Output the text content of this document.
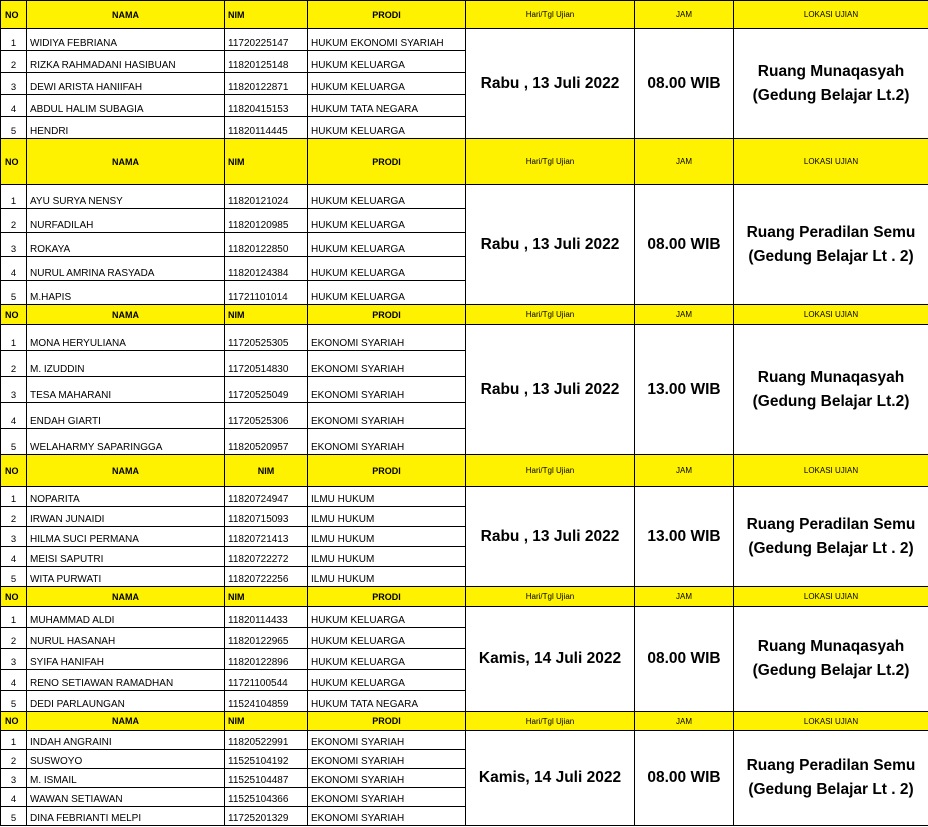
NO	NAMA	NIM	PRODI	Hari/Tgl Ujian	JAM	LOKASI UJIAN
1	WIDIYA FEBRIANA	11720225147	HUKUM EKONOMI SYARIAH	Rabu , 13 Juli 2022	08.00 WIB	Ruang Munaqasyah
(Gedung Belajar Lt.2)

2	RIZKA RAHMADANI HASIBUAN	11820125148	HUKUM KELUARGA			
3	DEWI ARISTA HANIIFAH	11820122871	HUKUM KELUARGA			
4	ABDUL HALIM SUBAGIA	11820415153	HUKUM TATA NEGARA			
5	HENDRI	11820114445	HUKUM KELUARGA			
NO	NAMA	NIM	PRODI	Hari/Tgl Ujian	JAM	LOKASI UJIAN
1	AYU SURYA NENSY	11820121024	HUKUM KELUARGA	Rabu , 13 Juli 2022	08.00 WIB	Ruang Peradilan Semu
(Gedung Belajar Lt . 2)

2	NURFADILAH	11820120985	HUKUM KELUARGA			
3	ROKAYA	11820122850	HUKUM KELUARGA			
4	NURUL AMRINA RASYADA	11820124384	HUKUM KELUARGA			
5	M.HAPIS	11721101014	HUKUM KELUARGA			
NO	NAMA	NIM	PRODI	Hari/Tgl Ujian	JAM	LOKASI UJIAN
1	MONA HERYULIANA	11720525305	EKONOMI SYARIAH	Rabu , 13 Juli 2022	13.00 WIB	Ruang Munaqasyah
(Gedung Belajar Lt.2)

2	M. IZUDDIN	11720514830	EKONOMI SYARIAH			
3	TESA MAHARANI	11720525049	EKONOMI SYARIAH			
4	ENDAH GIARTI	11720525306	EKONOMI SYARIAH			
5	WELAHARMY SAPARINGGA	11820520957	EKONOMI SYARIAH			
NO	NAMA	NIM	PRODI	Hari/Tgl Ujian	JAM	LOKASI UJIAN
1	NOPARITA	11820724947	ILMU HUKUM	Rabu , 13 Juli 2022	13.00 WIB	Ruang Peradilan Semu
(Gedung Belajar Lt . 2)

2	IRWAN JUNAIDI	11820715093	ILMU HUKUM			
3	HILMA SUCI PERMANA	11820721413	ILMU HUKUM			
4	MEISI SAPUTRI	11820722272	ILMU HUKUM			
5	WITA PURWATI	11820722256	ILMU HUKUM			
NO	NAMA	NIM	PRODI	Hari/Tgl Ujian	JAM	LOKASI UJIAN
1	MUHAMMAD ALDI	11820114433	HUKUM KELUARGA	Kamis, 14 Juli 2022	08.00 WIB	Ruang Munaqasyah
(Gedung Belajar Lt.2)

2	NURUL HASANAH	11820122965	HUKUM KELUARGA			
3	SYIFA HANIFAH	11820122896	HUKUM KELUARGA			
4	RENO SETIAWAN RAMADHAN	11721100544	HUKUM KELUARGA			
5	DEDI PARLAUNGAN	11524104859	HUKUM TATA NEGARA			
NO	NAMA	NIM	PRODI	Hari/Tgl Ujian	JAM	LOKASI UJIAN
1	INDAH ANGRAINI	11820522991	EKONOMI SYARIAH	Kamis, 14 Juli 2022	08.00 WIB	Ruang Peradilan Semu
(Gedung Belajar Lt . 2)

2	SUSWOYO	11525104192	EKONOMI SYARIAH			
3	M. ISMAIL	11525104487	EKONOMI SYARIAH			
4	WAWAN SETIAWAN	11525104366	EKONOMI SYARIAH			
5	DINA FEBRIANTI MELPI	11725201329	EKONOMI SYARIAH			
